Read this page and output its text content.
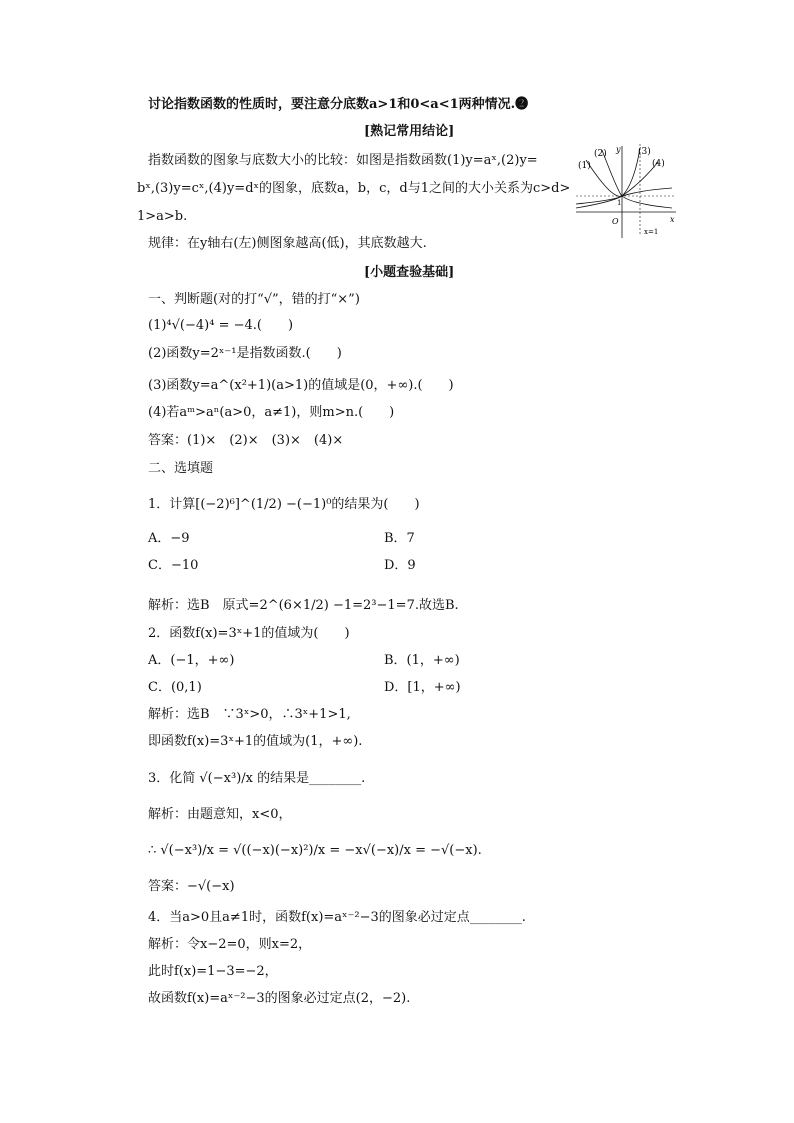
讨论指数函数的性质时，要注意分底数a>1和0<a<1两种情况.❷
[熟记常用结论]
指数函数的图象与底数大小的比较：如图是指数函数(1)y=aˣ,(2)y=
bˣ,(3)y=cˣ,(4)y=dˣ的图象，底数a，b，c，d与1之间的大小关系为c>d>
1>a>b.
规律：在y轴右(左)侧图象越高(低)，其底数越大.
(2)	(3)
(1)	(4)
y
x
O
1
x=1
[小题查验基础]
一、判断题(对的打“√”，错的打“×”)
(1)⁴√(−4)⁴ = −4.(　　)
(2)函数y=2ˣ⁻¹是指数函数.(　　)
(3)函数y=a^(x²+1)(a>1)的值域是(0，+∞).(　　)
(4)若aᵐ>aⁿ(a>0，a≠1)，则m>n.(　　)
答案：(1)×　(2)×　(3)×　(4)×
二、选填题
1．计算[(−2)⁶]^(1/2) −(−1)⁰的结果为(　　)
A．−9	B．7
C．−10	D．9
解析：选B　原式=2^(6×1/2) −1=2³−1=7.故选B.
2．函数f(x)=3ˣ+1的值域为(　　)
A．(−1，+∞)	B．(1，+∞)
C．(0,1)	D．[1，+∞)
解析：选B　∵3ˣ>0，∴3ˣ+1>1,
即函数f(x)=3ˣ+1的值域为(1，+∞).
3．化简 √(−x³)/x 的结果是________.
解析：由题意知，x<0，
∴ √(−x³)/x = √((−x)(−x)²)/x = −x√(−x)/x = −√(−x).
答案：−√(−x)
4．当a>0且a≠1时，函数f(x)=aˣ⁻²−3的图象必过定点________.
解析：令x−2=0，则x=2，
此时f(x)=1−3=−2，
故函数f(x)=aˣ⁻²−3的图象必过定点(2，−2).
